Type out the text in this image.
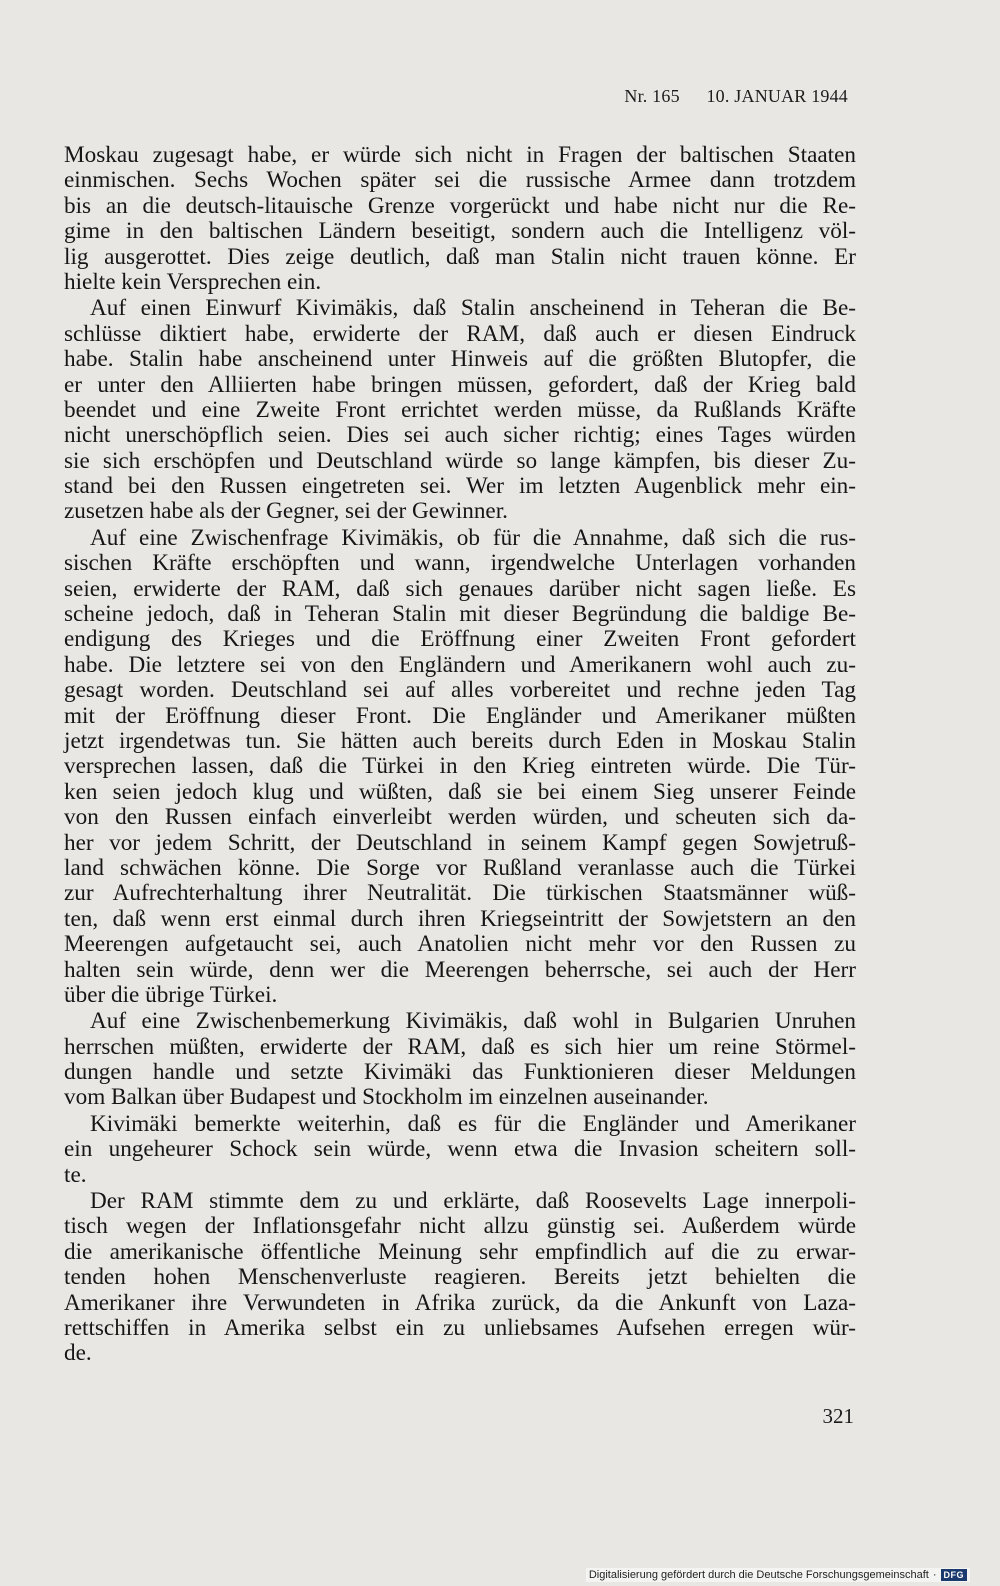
Nr. 165 10. JANUAR 1944
Moskau zugesagt habe, er würde sich nicht in Fragen der baltischen Staaten
einmischen. Sechs Wochen später sei die russische Armee dann trotzdem
bis an die deutsch-litauische Grenze vorgerückt und habe nicht nur die Re-
gime in den baltischen Ländern beseitigt, sondern auch die Intelligenz völ-
lig ausgerottet. Dies zeige deutlich, daß man Stalin nicht trauen könne. Er
hielte kein Versprechen ein.
Auf einen Einwurf Kivimäkis, daß Stalin anscheinend in Teheran die Be-
schlüsse diktiert habe, erwiderte der RAM, daß auch er diesen Eindruck
habe. Stalin habe anscheinend unter Hinweis auf die größten Blutopfer, die
er unter den Alliierten habe bringen müssen, gefordert, daß der Krieg bald
beendet und eine Zweite Front errichtet werden müsse, da Rußlands Kräfte
nicht unerschöpflich seien. Dies sei auch sicher richtig; eines Tages würden
sie sich erschöpfen und Deutschland würde so lange kämpfen, bis dieser Zu-
stand bei den Russen eingetreten sei. Wer im letzten Augenblick mehr ein-
zusetzen habe als der Gegner, sei der Gewinner.
Auf eine Zwischenfrage Kivimäkis, ob für die Annahme, daß sich die rus-
sischen Kräfte erschöpften und wann, irgendwelche Unterlagen vorhanden
seien, erwiderte der RAM, daß sich genaues darüber nicht sagen ließe. Es
scheine jedoch, daß in Teheran Stalin mit dieser Begründung die baldige Be-
endigung des Krieges und die Eröffnung einer Zweiten Front gefordert
habe. Die letztere sei von den Engländern und Amerikanern wohl auch zu-
gesagt worden. Deutschland sei auf alles vorbereitet und rechne jeden Tag
mit der Eröffnung dieser Front. Die Engländer und Amerikaner müßten
jetzt irgendetwas tun. Sie hätten auch bereits durch Eden in Moskau Stalin
versprechen lassen, daß die Türkei in den Krieg eintreten würde. Die Tür-
ken seien jedoch klug und wüßten, daß sie bei einem Sieg unserer Feinde
von den Russen einfach einverleibt werden würden, und scheuten sich da-
her vor jedem Schritt, der Deutschland in seinem Kampf gegen Sowjetruß-
land schwächen könne. Die Sorge vor Rußland veranlasse auch die Türkei
zur Aufrechterhaltung ihrer Neutralität. Die türkischen Staatsmänner wüß-
ten, daß wenn erst einmal durch ihren Kriegseintritt der Sowjetstern an den
Meerengen aufgetaucht sei, auch Anatolien nicht mehr vor den Russen zu
halten sein würde, denn wer die Meerengen beherrsche, sei auch der Herr
über die übrige Türkei.
Auf eine Zwischenbemerkung Kivimäkis, daß wohl in Bulgarien Unruhen
herrschen müßten, erwiderte der RAM, daß es sich hier um reine Störmel-
dungen handle und setzte Kivimäki das Funktionieren dieser Meldungen
vom Balkan über Budapest und Stockholm im einzelnen auseinander.
Kivimäki bemerkte weiterhin, daß es für die Engländer und Amerikaner
ein ungeheurer Schock sein würde, wenn etwa die Invasion scheitern soll-
te.
Der RAM stimmte dem zu und erklärte, daß Roosevelts Lage innerpoli-
tisch wegen der Inflationsgefahr nicht allzu günstig sei. Außerdem würde
die amerikanische öffentliche Meinung sehr empfindlich auf die zu erwar-
tenden hohen Menschenverluste reagieren. Bereits jetzt behielten die
Amerikaner ihre Verwundeten in Afrika zurück, da die Ankunft von Laza-
rettschiffen in Amerika selbst ein zu unliebsames Aufsehen erregen wür-
de.
321
Digitalisierung gefördert durch die Deutsche Forschungsgemeinschaft · DFG
